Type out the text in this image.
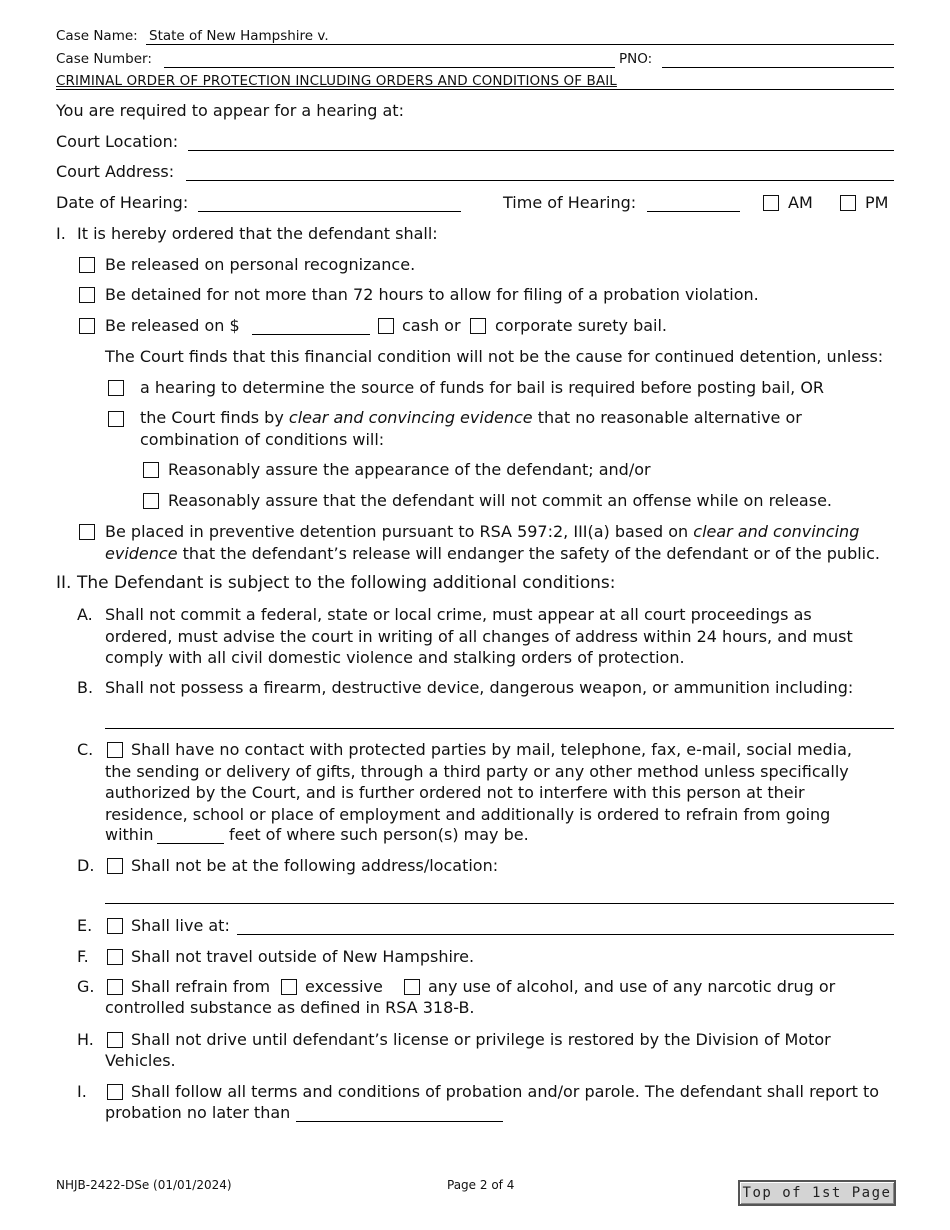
Case Name: State of New Hampshire v.
Case Number:	PNO:
CRIMINAL ORDER OF PROTECTION INCLUDING ORDERS AND CONDITIONS OF BAIL
You are required to appear for a hearing at:
Court Location:
Court Address:
Date of Hearing:	Time of Hearing:	AM	PM
I. It is hereby ordered that the defendant shall:
Be released on personal recognizance.
Be detained for not more than 72 hours to allow for filing of a probation violation.
Be released on $	cash or corporate surety bail.
The Court finds that this financial condition will not be the cause for continued detention, unless:
a hearing to determine the source of funds for bail is required before posting bail, OR
the Court finds by clear and convincing evidence that no reasonable alternative or
combination of conditions will:
Reasonably assure the appearance of the defendant; and/or
Reasonably assure that the defendant will not commit an offense while on release.
Be placed in preventive detention pursuant to RSA 597:2, III(a) based on clear and convincing
evidence that the defendant’s release will endanger the safety of the defendant or of the public.
II. The Defendant is subject to the following additional conditions:
A. Shall not commit a federal, state or local crime, must appear at all court proceedings as
ordered, must advise the court in writing of all changes of address within 24 hours, and must
comply with all civil domestic violence and stalking orders of protection.
B. Shall not possess a firearm, destructive device, dangerous weapon, or ammunition including:
C. Shall have no contact with protected parties by mail, telephone, fax, e-mail, social media,
the sending or delivery of gifts, through a third party or any other method unless specifically
authorized by the Court, and is further ordered not to interfere with this person at their
residence, school or place of employment and additionally is ordered to refrain from going
within	feet of where such person(s) may be.
D. Shall not be at the following address/location:
E. Shall live at:
F.	Shall not travel outside of New Hampshire.
G. Shall refrain from excessive	any use of alcohol, and use of any narcotic drug or
controlled substance as defined in RSA 318-B.
H. Shall not drive until defendant’s license or privilege is restored by the Division of Motor
Vehicles.
I.	Shall follow all terms and conditions of probation and/or parole. The defendant shall report to
probation no later than
NHJB-2422-DSe (01/01/2024)	Page 2 of 4	Top of 1st Page
